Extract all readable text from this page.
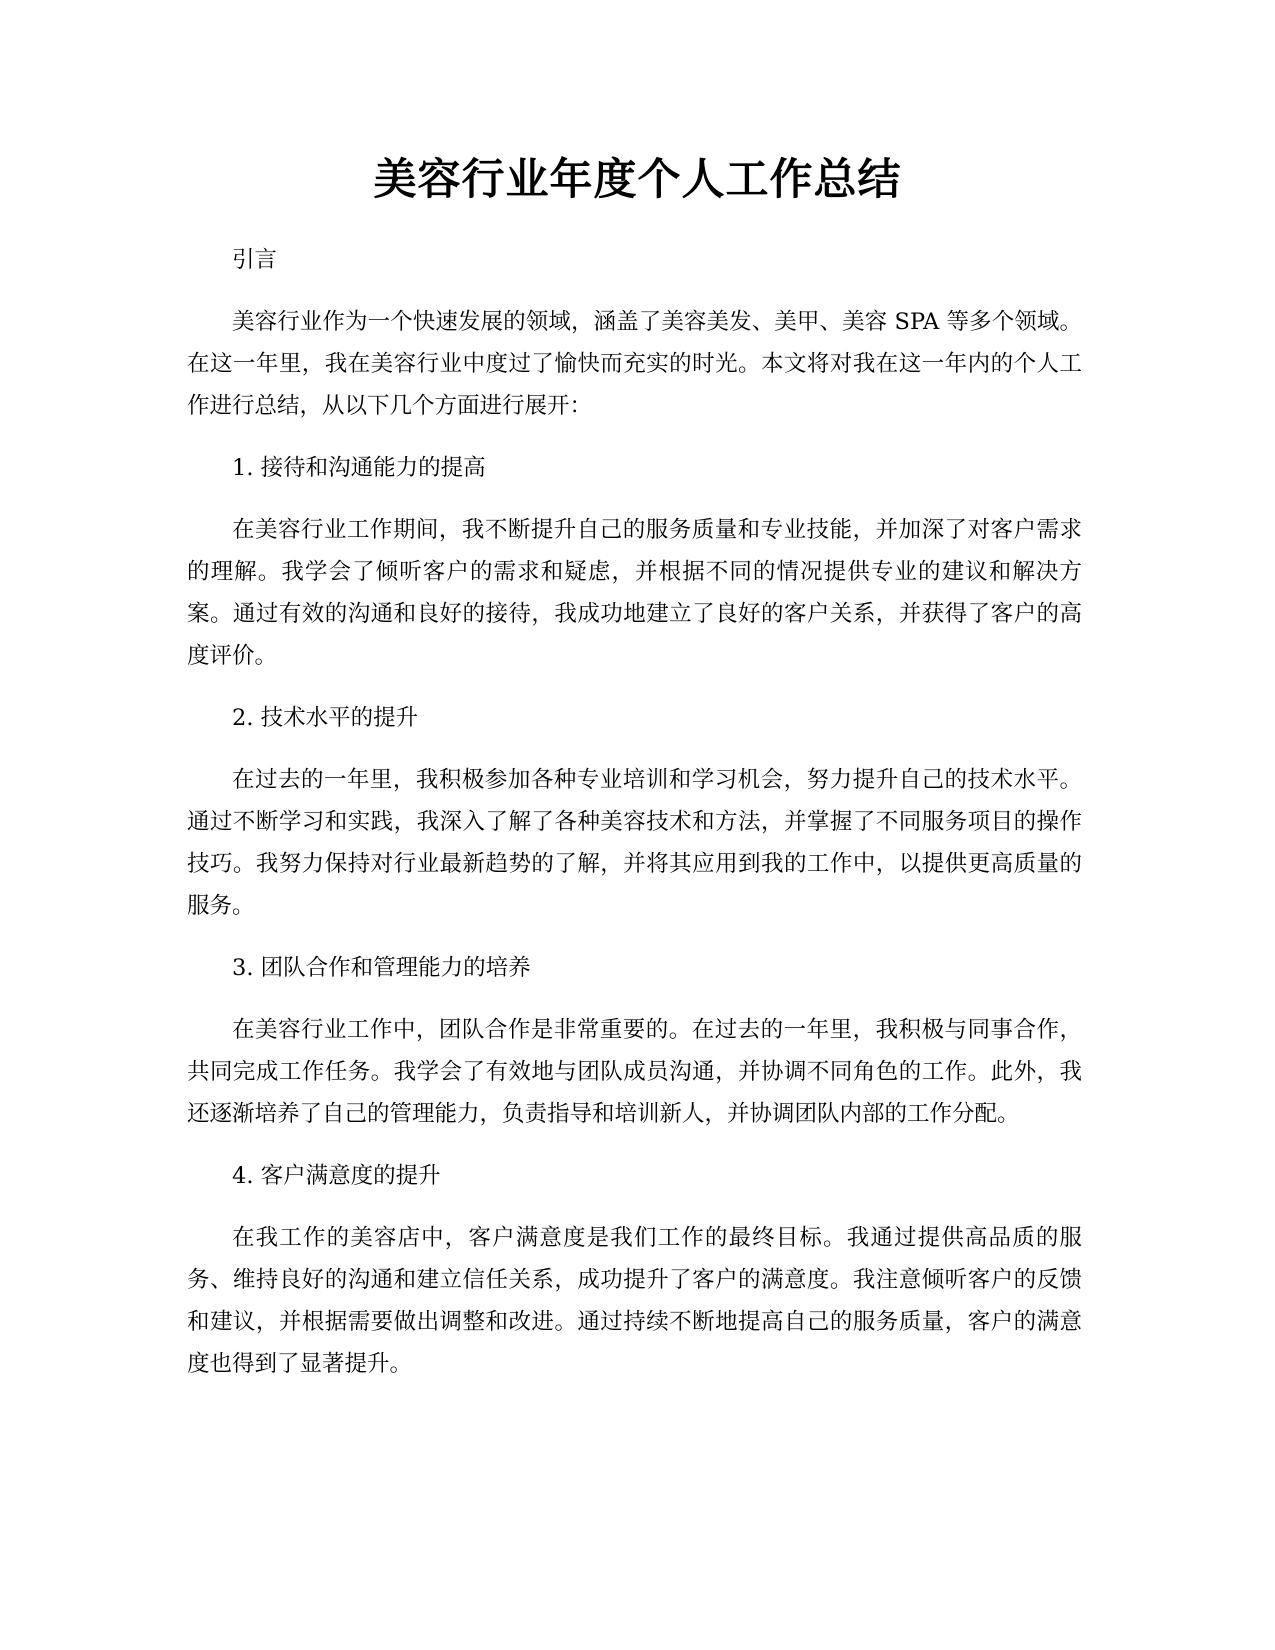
美容行业年度个人工作总结

引言

美容行业作为一个快速发展的领域，涵盖了美容美发、美甲、美容 SPA 等多个领域。在这一年里，我在美容行业中度过了愉快而充实的时光。本文将对我在这一年内的个人工作进行总结，从以下几个方面进行展开：

1. 接待和沟通能力的提高

在美容行业工作期间，我不断提升自己的服务质量和专业技能，并加深了对客户需求的理解。我学会了倾听客户的需求和疑虑，并根据不同的情况提供专业的建议和解决方案。通过有效的沟通和良好的接待，我成功地建立了良好的客户关系，并获得了客户的高度评价。

2. 技术水平的提升

在过去的一年里，我积极参加各种专业培训和学习机会，努力提升自己的技术水平。通过不断学习和实践，我深入了解了各种美容技术和方法，并掌握了不同服务项目的操作技巧。我努力保持对行业最新趋势的了解，并将其应用到我的工作中，以提供更高质量的服务。

3. 团队合作和管理能力的培养

在美容行业工作中，团队合作是非常重要的。在过去的一年里，我积极与同事合作，共同完成工作任务。我学会了有效地与团队成员沟通，并协调不同角色的工作。此外，我还逐渐培养了自己的管理能力，负责指导和培训新人，并协调团队内部的工作分配。

4. 客户满意度的提升

在我工作的美容店中，客户满意度是我们工作的最终目标。我通过提供高品质的服务、维持良好的沟通和建立信任关系，成功提升了客户的满意度。我注意倾听客户的反馈和建议，并根据需要做出调整和改进。通过持续不断地提高自己的服务质量，客户的满意度也得到了显著提升。
